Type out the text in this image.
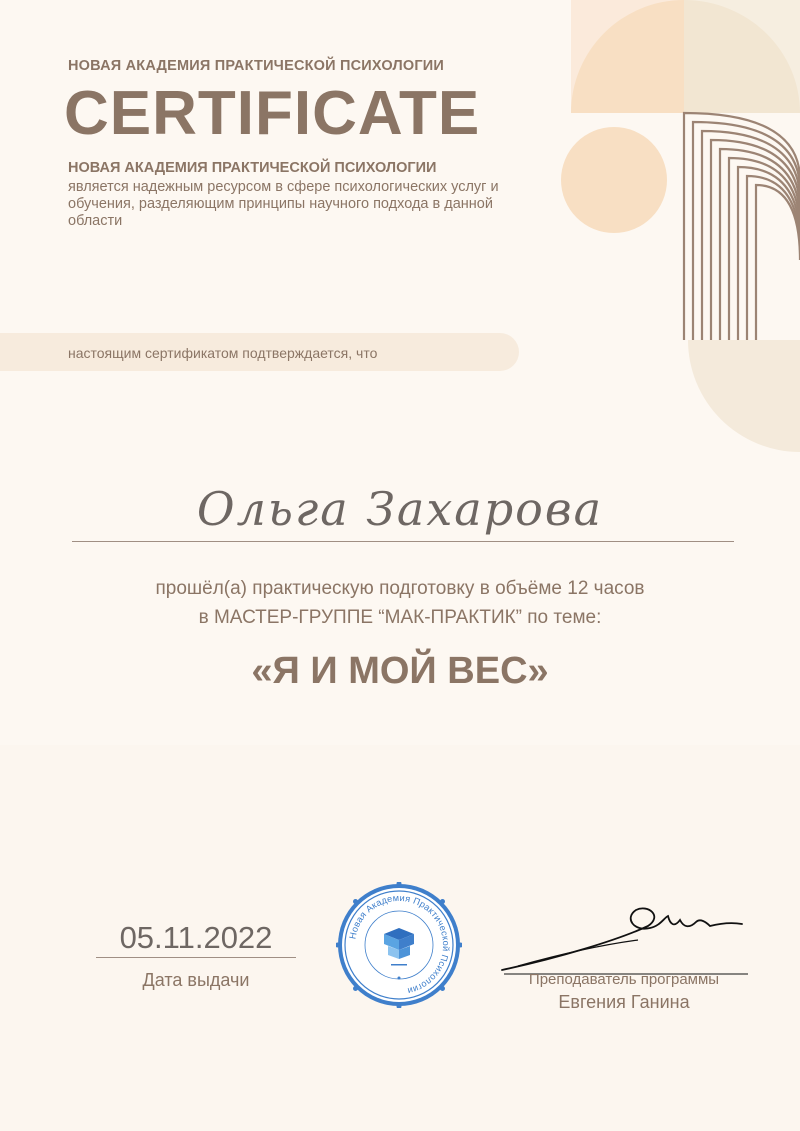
НОВАЯ АКАДЕМИЯ ПРАКТИЧЕСКОЙ ПСИХОЛОГИИ
CERTIFICATE
НОВАЯ АКАДЕМИЯ ПРАКТИЧЕСКОЙ ПСИХОЛОГИИ
является надежным ресурсом в сфере психологических услуг и обучения, разделяющим принципы научного подхода в данной области
настоящим сертификатом подтверждается, что
Ольга Захарова
прошёл(а) практическую подготовку в объёме 12 часов
в МАСТЕР-ГРУППЕ “МАК-ПРАКТИК” по теме:
«Я И МОЙ ВЕС»
05.11.2022
Дата выдачи
Новая Академия Практической Психологии
Преподаватель программы
Евгения Ганина
